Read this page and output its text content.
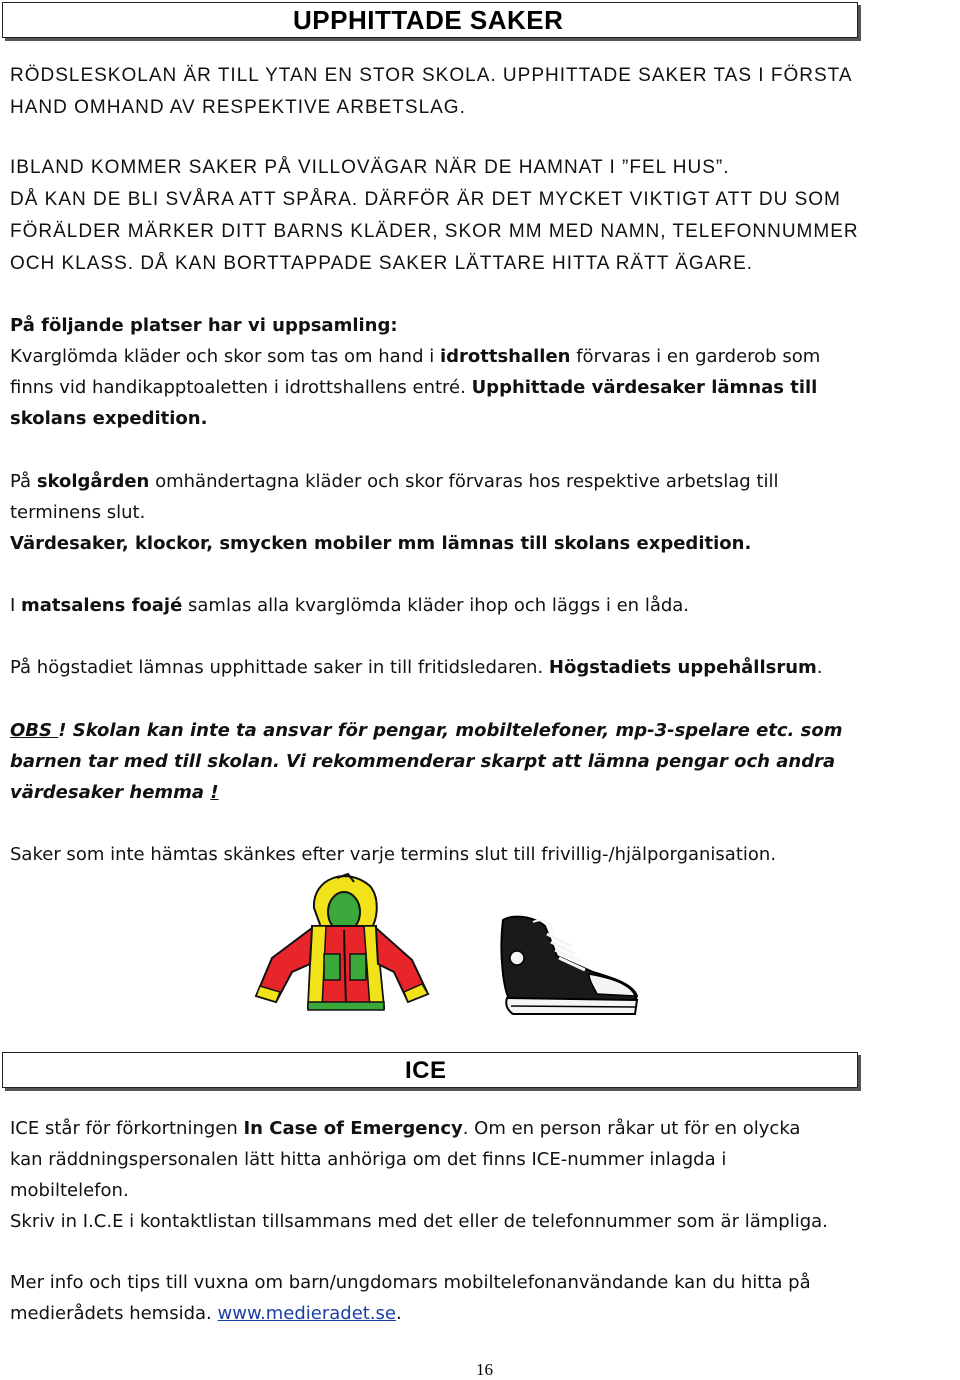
UPPHITTADE SAKER
RÖDSLESKOLAN ÄR TILL YTAN EN STOR SKOLA. UPPHITTADE SAKER TAS I FÖRSTA
HAND OMHAND AV RESPEKTIVE ARBETSLAG.
IBLAND KOMMER SAKER PÅ VILLOVÄGAR NÄR DE HAMNAT I ”FEL HUS”.
DÅ KAN DE BLI SVÅRA ATT SPÅRA. DÄRFÖR ÄR DET MYCKET VIKTIGT ATT DU SOM
FÖRÄLDER MÄRKER DITT BARNS KLÄDER, SKOR MM MED NAMN, TELEFONNUMMER
OCH KLASS. DÅ KAN BORTTAPPADE SAKER LÄTTARE HITTA RÄTT ÄGARE.
På följande platser har vi uppsamling:
Kvarglömda kläder och skor som tas om hand i idrottshallen förvaras i en garderob som
finns vid handikapptoaletten i idrottshallens entré. Upphittade värdesaker lämnas till
skolans expedition.
På skolgården omhändertagna kläder och skor förvaras hos respektive arbetslag till
terminens slut.
Värdesaker, klockor, smycken mobiler mm lämnas till skolans expedition.
I matsalens foajé samlas alla kvarglömda kläder ihop och läggs i en låda.
På högstadiet lämnas upphittade saker in till fritidsledaren. Högstadiets uppehållsrum.
OBS ! Skolan kan inte ta ansvar för pengar, mobiltelefoner, mp-3-spelare etc. som
barnen tar med till skolan. Vi rekommenderar skarpt att lämna pengar och andra
värdesaker hemma !
Saker som inte hämtas skänkes efter varje termins slut till frivillig-/hjälporganisation.
ICE
ICE står för förkortningen In Case of Emergency. Om en person råkar ut för en olycka
kan räddningspersonalen lätt hitta anhöriga om det finns ICE-nummer inlagda i
mobiltelefon.
Skriv in I.C.E i kontaktlistan tillsammans med det eller de telefonnummer som är lämpliga.
Mer info och tips till vuxna om barn/ungdomars mobiltelefonanvändande kan du hitta på
medierådets hemsida. www.medieradet.se.
16
